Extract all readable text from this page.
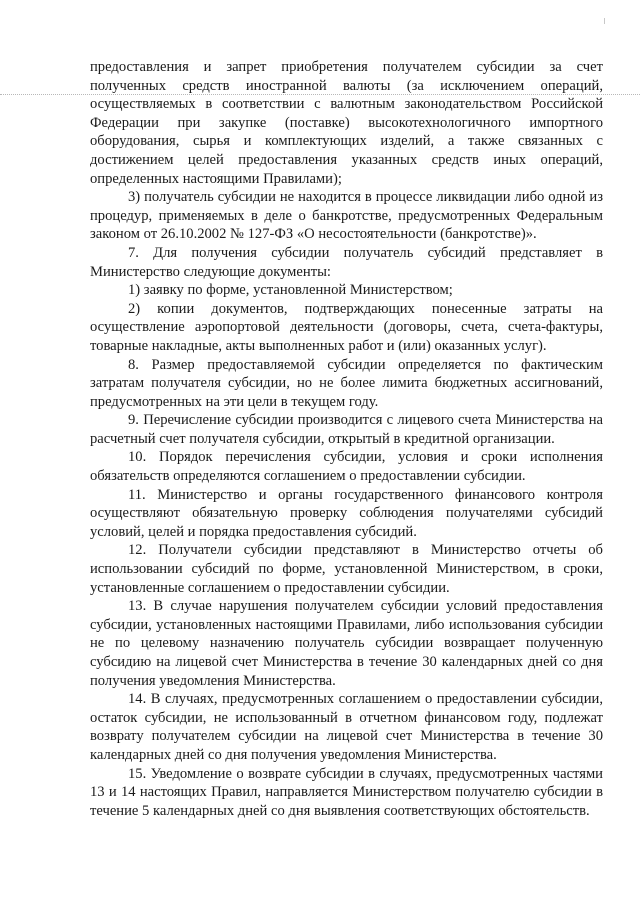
предоставления и запрет приобретения получателем субсидии за счет полученных средств иностранной валюты (за исключением операций, осуществляемых в соответствии с валютным законодательством Российской Федерации при закупке (поставке) высокотехнологичного импортного оборудования, сырья и комплектующих изделий, а также связанных с достижением целей предоставления указанных средств иных операций, определенных настоящими Правилами);

3) получатель субсидии не находится в процессе ликвидации либо одной из процедур, применяемых в деле о банкротстве, предусмотренных Федеральным законом от 26.10.2002 № 127-ФЗ «О несостоятельности (банкротстве)».

7. Для получения субсидии получатель субсидий представляет в Министерство следующие документы:

1) заявку по форме, установленной Министерством;

2) копии документов, подтверждающих понесенные затраты на осуществление аэропортовой деятельности (договоры, счета, счета-фактуры, товарные накладные, акты выполненных работ и (или) оказанных услуг).

8. Размер предоставляемой субсидии определяется по фактическим затратам получателя субсидии, но не более лимита бюджетных ассигнований, предусмотренных на эти цели в текущем году.

9. Перечисление субсидии производится с лицевого счета Министерства на расчетный счет получателя субсидии, открытый в кредитной организации.

10. Порядок перечисления субсидии, условия и сроки исполнения обязательств определяются соглашением о предоставлении субсидии.

11. Министерство и органы государственного финансового контроля осуществляют обязательную проверку соблюдения получателями субсидий условий, целей и порядка предоставления субсидий.

12. Получатели субсидии представляют в Министерство отчеты об использовании субсидий по форме, установленной Министерством, в сроки, установленные соглашением о предоставлении субсидии.

13. В случае нарушения получателем субсидии условий предоставления субсидии, установленных настоящими Правилами, либо использования субсидии не по целевому назначению получатель субсидии возвращает полученную субсидию на лицевой счет Министерства в течение 30 календарных дней со дня получения уведомления Министерства.

14. В случаях, предусмотренных соглашением о предоставлении субсидии, остаток субсидии, не использованный в отчетном финансовом году, подлежат возврату получателем субсидии на лицевой счет Министерства в течение 30 календарных дней со дня получения уведомления Министерства.

15. Уведомление о возврате субсидии в случаях, предусмотренных частями 13 и 14 настоящих Правил, направляется Министерством получателю субсидии в течение 5 календарных дней со дня выявления соответствующих обстоятельств.
